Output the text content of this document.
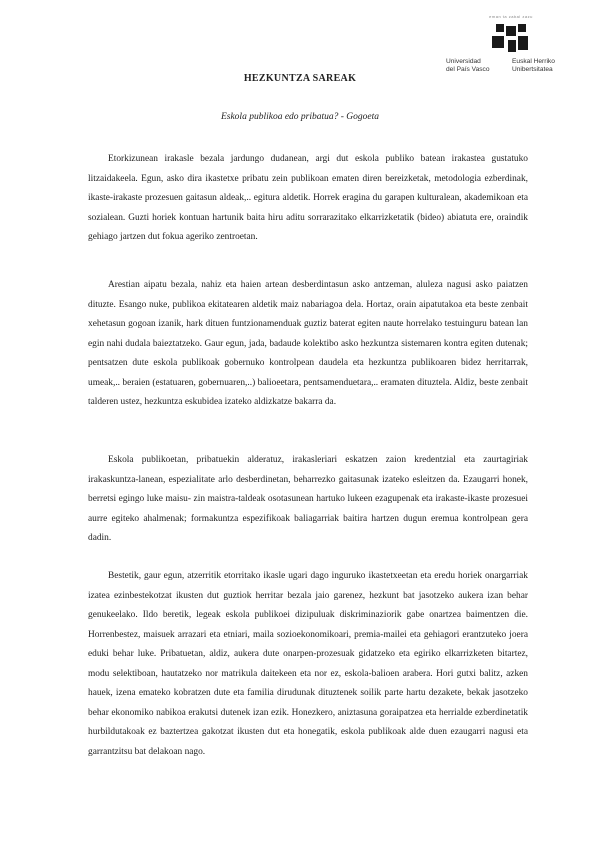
eman ta zabal zazu
Universidad
del País Vasco
Euskal Herriko
Unibertsitatea
HEZKUNTZA SAREAK

Eskola publikoa edo pribatua? - Gogoeta

Etorkizunean irakasle bezala jardungo dudanean, argi dut eskola publiko batean irakastea gustatuko litzaidakeela. Egun, asko dira ikastetxe pribatu zein publikoan ematen diren bereizketak, metodologia ezberdinak, ikaste-irakaste prozesuen gaitasun aldeak,.. egitura aldetik. Horrek eragina du garapen kulturalean, akademikoan eta sozialean. Guzti horiek kontuan hartunik baita hiru aditu sorrarazitako elkarrizketatik (bideo) abiatuta ere, oraindik gehiago jartzen dut fokua ageriko zentroetan.

Arestian aipatu bezala, nahiz eta haien artean desberdintasun asko antzeman, aluleza nagusi asko paiatzen dituzte. Esango nuke, publikoa ekitatearen aldetik maiz nabariagoa dela. Hortaz, orain aipatutakoa eta beste zenbait xehetasun gogoan izanik, hark dituen funtzionamenduak guztiz baterat egiten naute horrelako testuinguru batean lan egin nahi dudala baieztatzeko. Gaur egun, jada, badaude kolektibo asko hezkuntza sistemaren kontra egiten dutenak; pentsatzen dute eskola publikoak gobernuko kontrolpean daudela eta hezkuntza publikoaren bidez herritarrak, umeak,.. beraien (estatuaren, gobernuaren,..) balioeetara, pentsamenduetara,.. eramaten dituztela. Aldiz, beste zenbait talderen ustez, hezkuntza eskubidea izateko aldizkatze bakarra da.

Eskola publikoetan, pribatuekin alderatuz, irakasleriari eskatzen zaion kredentzial eta zaurtagiriak irakaskuntza-lanean, espezialitate arlo desberdinetan, beharrezko gaitasunak izateko esleitzen da. Ezaugarri honek, berretsi egingo luke maisu- zin maistra-taldeak osotasunean hartuko lukeen ezagupenak eta irakaste-ikaste prozesuei aurre egiteko ahalmenak; formakuntza espezifikoak baliagarriak baitira hartzen dugun eremua kontrolpean gera dadin.

Bestetik, gaur egun, atzerritik etorritako ikasle ugari dago inguruko ikastetxeetan eta eredu horiek onargarriak izatea ezinbestekotzat ikusten dut guztiok herritar bezala jaio garenez, hezkunt bat jasotzeko aukera izan behar genukeelako. Ildo beretik, legeak eskola publikoei dizipuluak diskriminaziorik gabe onartzea baimentzen die. Horrenbestez, maisuek arrazari eta etniari, maila sozioekonomikoari, premia-mailei eta gehiagori erantzuteko joera eduki behar luke. Pribatuetan, aldiz, aukera dute onarpen-prozesuak gidatzeko eta egiriko elkarrizketen bitartez, modu selektiboan, hautatzeko nor matrikula daitekeen eta nor ez, eskola-balioen arabera. Hori gutxi balitz, azken hauek, izena emateko kobratzen dute eta familia dirudunak dituztenek soilik parte hartu dezakete, bekak jasotzeko behar ekonomiko nabikoa erakutsi dutenek izan ezik. Honezkero, aniztasuna goraipatzea eta herrialde ezberdinetatik hurbildutakoak ez baztertzea gakotzat ikusten dut eta honegatik, eskola publikoak alde duen ezaugarri nagusi eta garrantzitsu bat delakoan nago.
